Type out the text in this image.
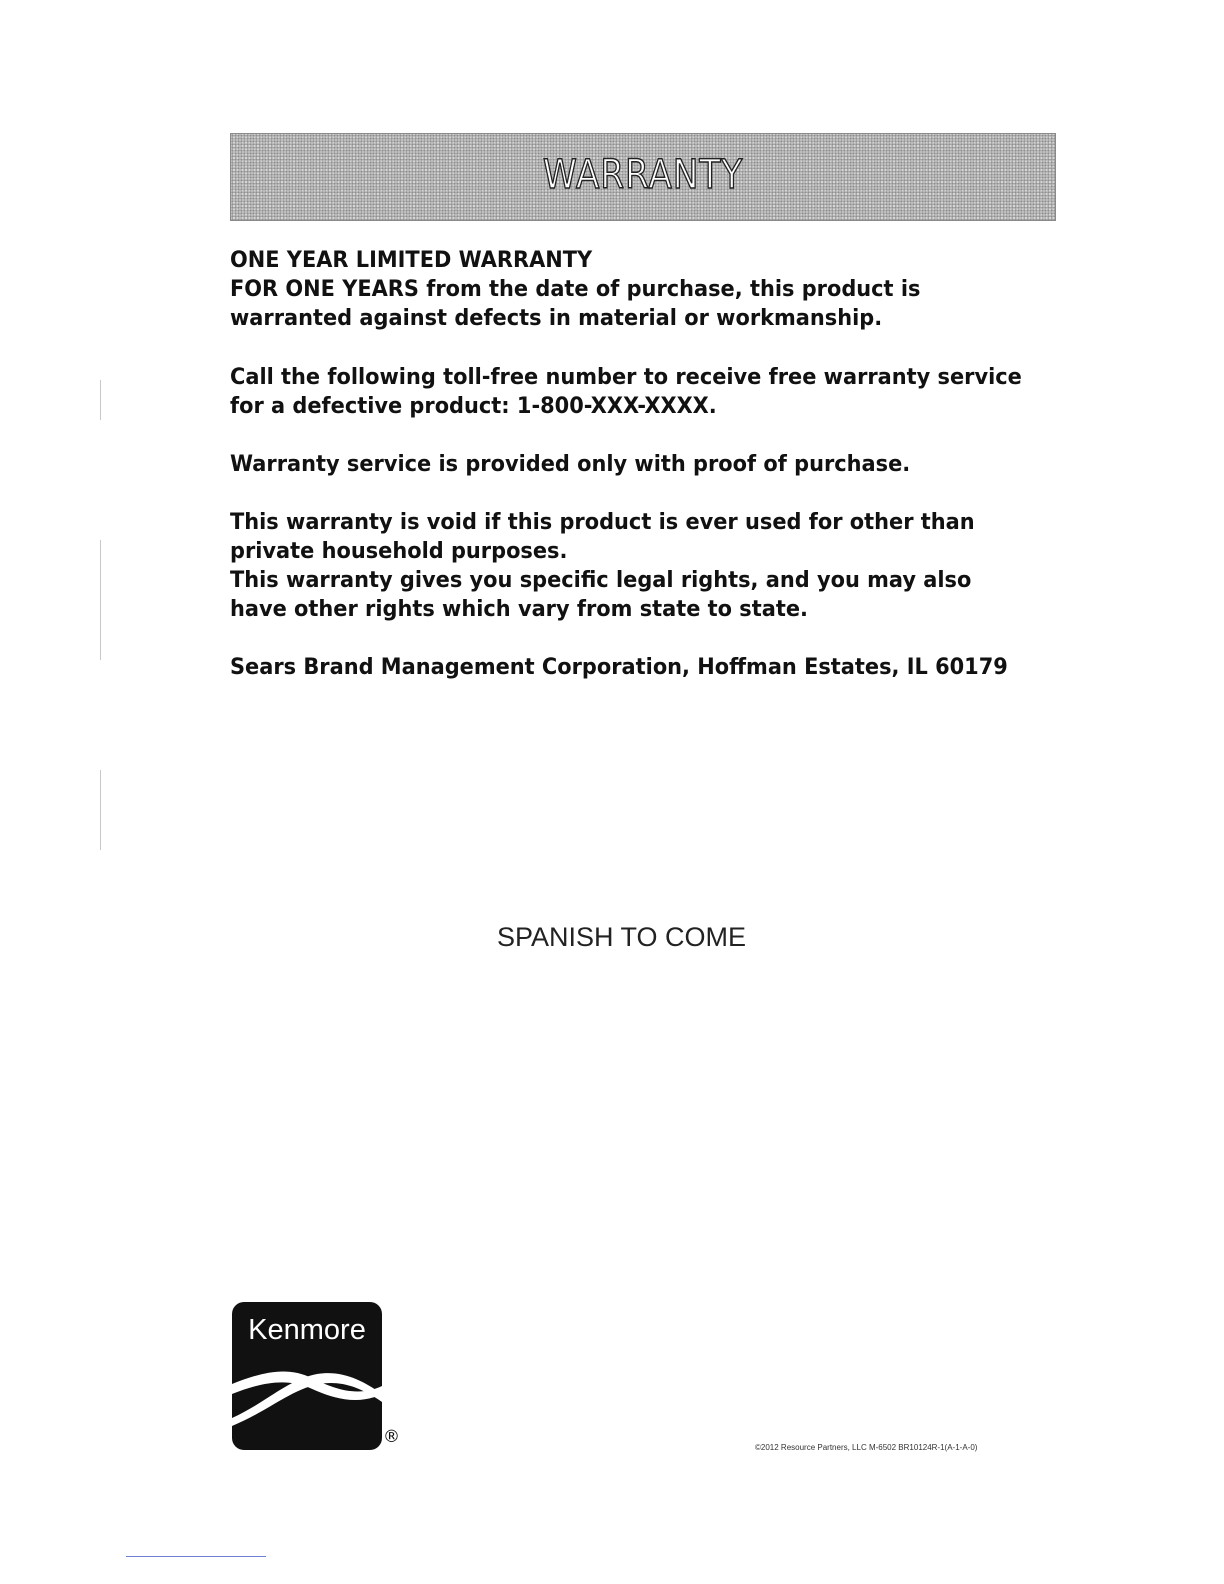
WARRANTY
ONE YEAR LIMITED WARRANTY
FOR ONE YEARS from the date of purchase, this product is
warranted against defects in material or workmanship.
Call the following toll-free number to receive free warranty service
for a defective product: 1-800-XXX-XXXX.
Warranty service is provided only with proof of purchase.
This warranty is void if this product is ever used for other than
private household purposes.
This warranty gives you specific legal rights, and you may also
have other rights which vary from state to state.
Sears Brand Management Corporation, Hoffman Estates, IL 60179
SPANISH TO COME
Kenmore
®
©2012 Resource Partners, LLC M-6502 BR10124R-1(A-1-A-0)
